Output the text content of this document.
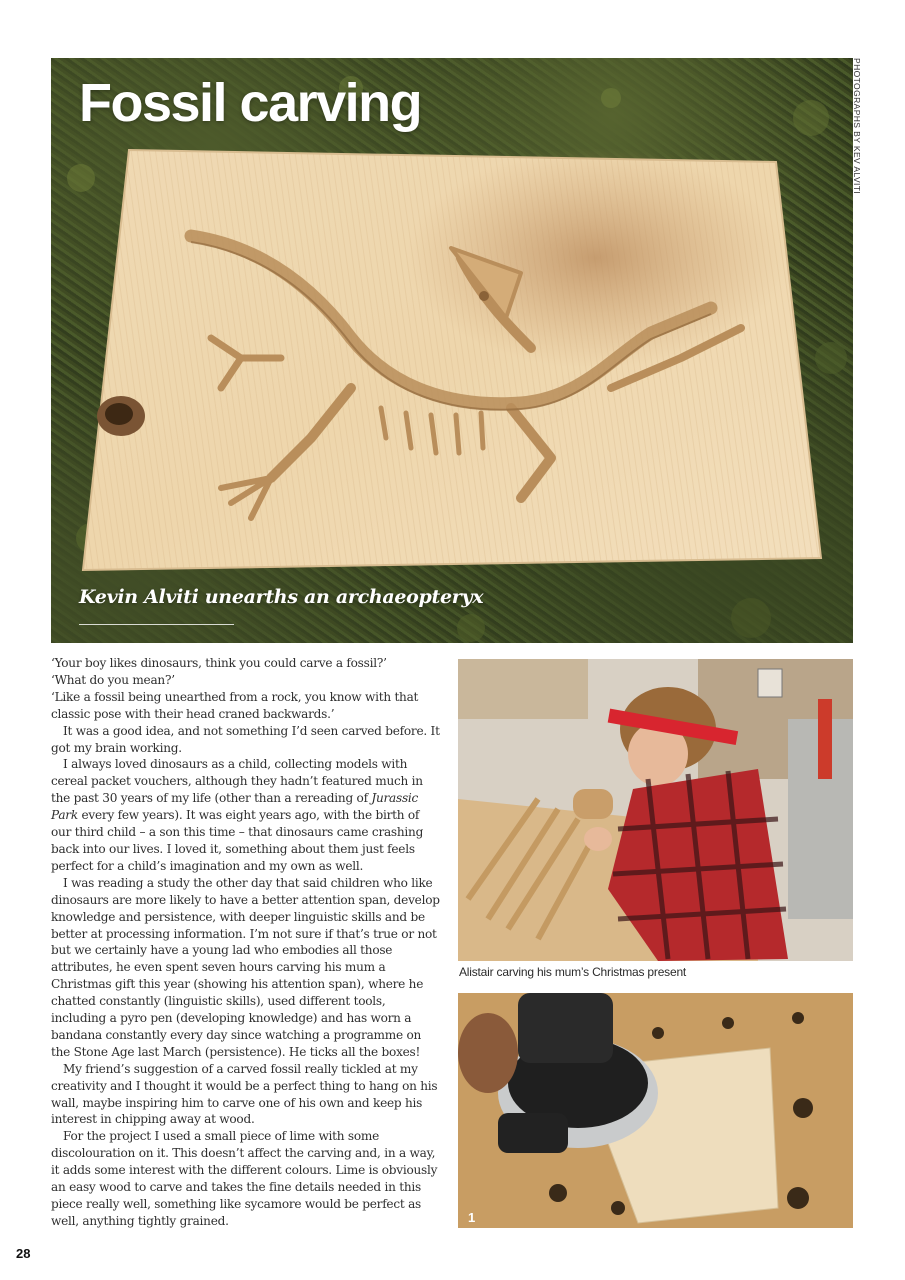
Fossil carving

Kevin Alviti unearths an archaeopteryx

PHOTOGRAPHS BY KEV ALVITI

‘Your boy likes dinosaurs, think you could carve a fossil?’

‘What do you mean?’

‘Like a fossil being unearthed from a rock, you know with that classic pose with their head craned backwards.’

It was a good idea, and not something I’d seen carved before. It got my brain working.

I always loved dinosaurs as a child, collecting models with cereal packet vouchers, although they hadn’t featured much in the past 30 years of my life (other than a rereading of Jurassic Park every few years). It was eight years ago, with the birth of our third child – a son this time – that dinosaurs came crashing back into our lives. I loved it, something about them just feels perfect for a child’s imagination and my own as well.

I was reading a study the other day that said children who like dinosaurs are more likely to have a better attention span, develop knowledge and persistence, with deeper linguistic skills and be better at processing information. I’m not sure if that’s true or not but we certainly have a young lad who embodies all those attributes, he even spent seven hours carving his mum a Christmas gift this year (showing his attention span), where he chatted constantly (linguistic skills), used different tools, including a pyro pen (developing knowledge) and has worn a bandana constantly every day since watching a programme on the Stone Age last March (persistence). He ticks all the boxes!

My friend’s suggestion of a carved fossil really tickled at my creativity and I thought it would be a perfect thing to hang on his wall, maybe inspiring him to carve one of his own and keep his interest in chipping away at wood.

For the project I used a small piece of lime with some discolouration on it. This doesn’t affect the carving and, in a way, it adds some interest with the different colours. Lime is obviously an easy wood to carve and takes the fine details needed in this piece really well, something like sycamore would be perfect as well, anything tightly grained.

Alistair carving his mum’s Christmas present
1
28
